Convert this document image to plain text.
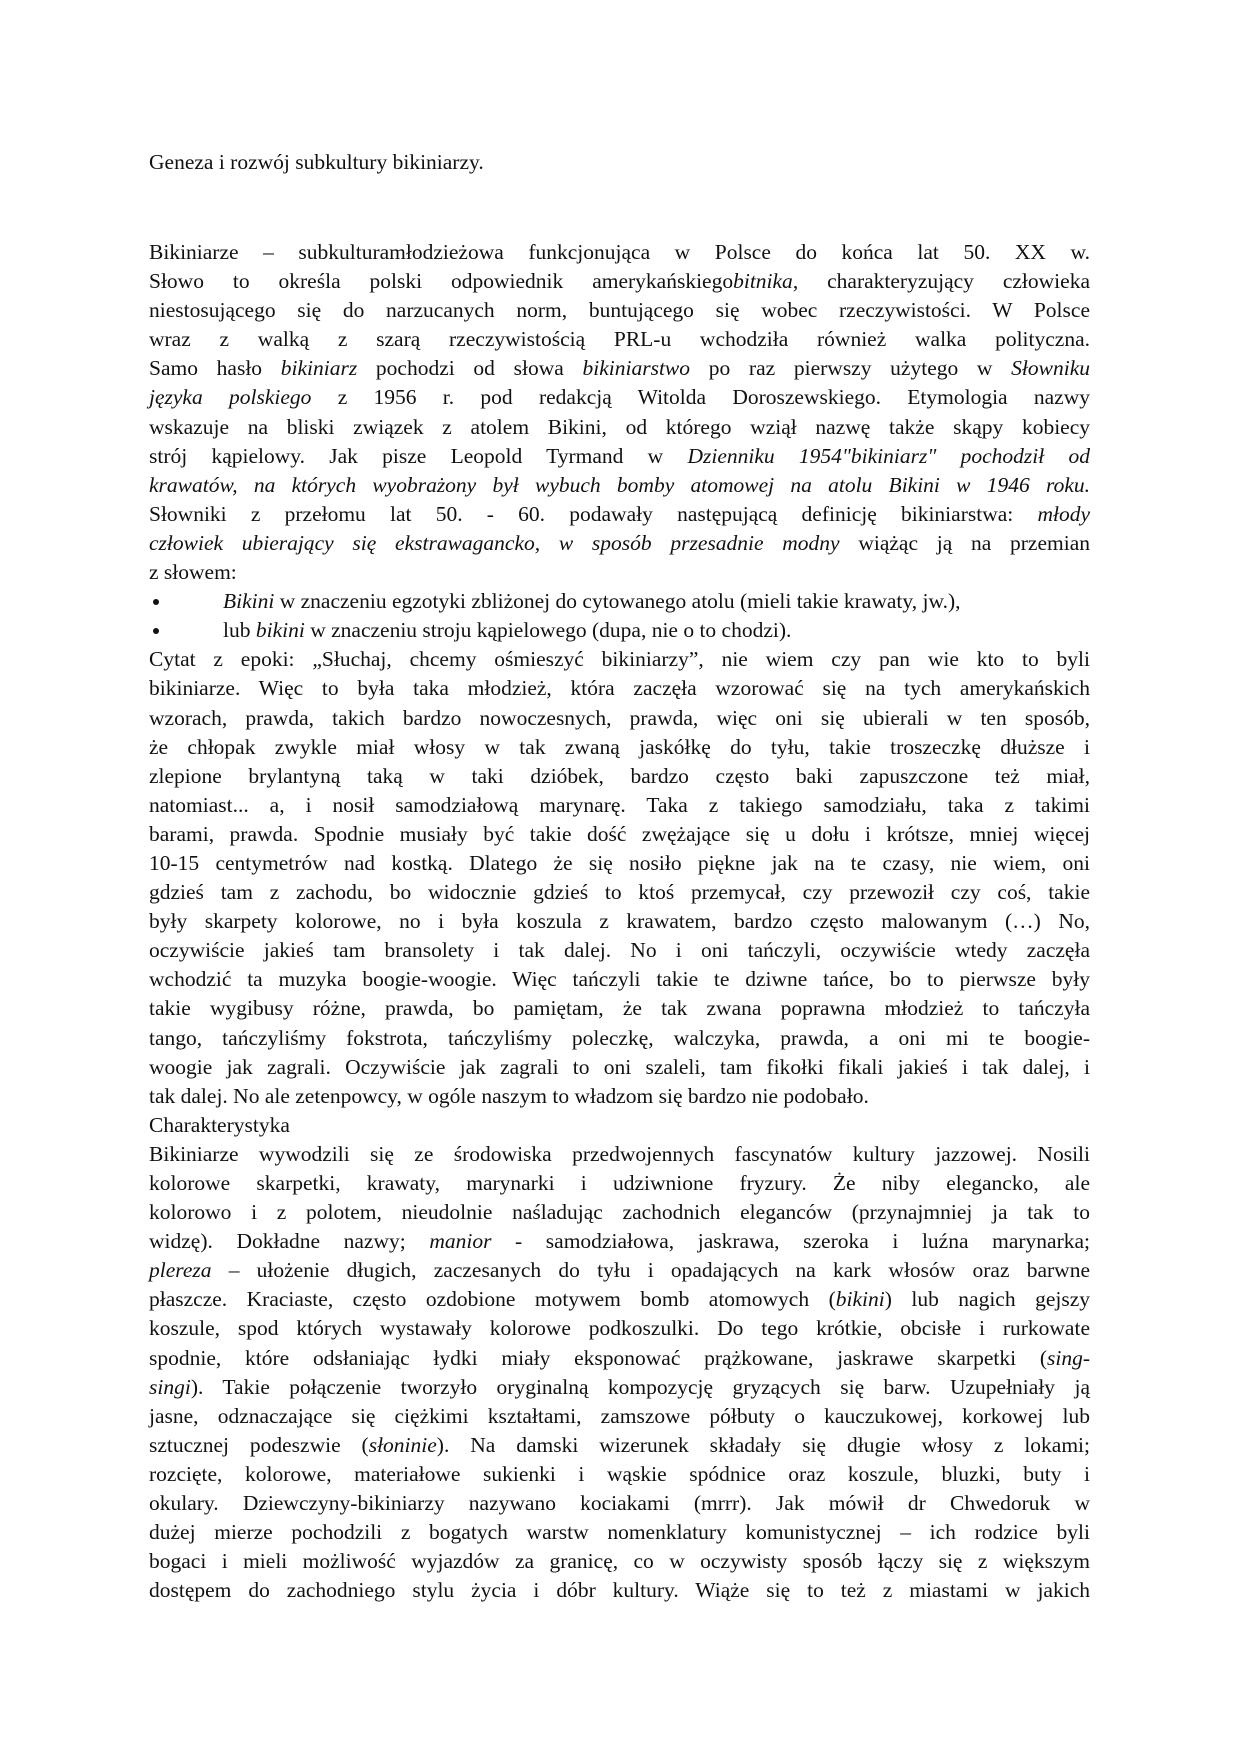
Geneza i rozwój subkultury bikiniarzy.
Bikiniarze – subkulturamłodzieżowa funkcjonująca w Polsce do końca lat 50. XX w.
Słowo to określa polski odpowiednik amerykańskiegobitnika, charakteryzujący człowieka
niestosującego się do narzucanych norm, buntującego się wobec rzeczywistości. W Polsce
wraz z walką z szarą rzeczywistością PRL-u wchodziła również walka polityczna.
Samo hasło bikiniarz pochodzi od słowa bikiniarstwo po raz pierwszy użytego w Słowniku
języka polskiego z 1956 r. pod redakcją Witolda Doroszewskiego. Etymologia nazwy
wskazuje na bliski związek z atolem Bikini, od którego wziął nazwę także skąpy kobiecy
strój kąpielowy. Jak pisze Leopold Tyrmand w Dzienniku 1954"bikiniarz" pochodził od
krawatów, na których wyobrażony był wybuch bomby atomowej na atolu Bikini w 1946 roku.
Słowniki z przełomu lat 50. - 60. podawały następującą definicję bikiniarstwa: młody
człowiek ubierający się ekstrawagancko, w sposób przesadnie modny wiążąc ją na przemian
z słowem:
Bikini w znaczeniu egzotyki zbliżonej do cytowanego atolu (mieli takie krawaty, jw.),
lub bikini w znaczeniu stroju kąpielowego (dupa, nie o to chodzi).
Cytat z epoki: „Słuchaj, chcemy ośmieszyć bikiniarzy”, nie wiem czy pan wie kto to byli
bikiniarze. Więc to była taka młodzież, która zaczęła wzorować się na tych amerykańskich
wzorach, prawda, takich bardzo nowoczesnych, prawda, więc oni się ubierali w ten sposób,
że chłopak zwykle miał włosy w tak zwaną jaskółkę do tyłu, takie troszeczkę dłuższe i
zlepione brylantyną taką w taki dzióbek, bardzo często baki zapuszczone też miał,
natomiast... a, i nosił samodziałową marynarę. Taka z takiego samodziału, taka z takimi
barami, prawda. Spodnie musiały być takie dość zwężające się u dołu i krótsze, mniej więcej
10-15 centymetrów nad kostką. Dlatego że się nosiło piękne jak na te czasy, nie wiem, oni
gdzieś tam z zachodu, bo widocznie gdzieś to ktoś przemycał, czy przewoził czy coś, takie
były skarpety kolorowe, no i była koszula z krawatem, bardzo często malowanym (…) No,
oczywiście jakieś tam bransolety i tak dalej. No i oni tańczyli, oczywiście wtedy zaczęła
wchodzić ta muzyka boogie-woogie. Więc tańczyli takie te dziwne tańce, bo to pierwsze były
takie wygibusy różne, prawda, bo pamiętam, że tak zwana poprawna młodzież to tańczyła
tango, tańczyliśmy fokstrota, tańczyliśmy poleczkę, walczyka, prawda, a oni mi te boogie-
woogie jak zagrali. Oczywiście jak zagrali to oni szaleli, tam fikołki fikali jakieś i tak dalej, i
tak dalej. No ale zetenpowcy, w ogóle naszym to władzom się bardzo nie podobało.
Charakterystyka
Bikiniarze wywodzili się ze środowiska przedwojennych fascynatów kultury jazzowej. Nosili
kolorowe skarpetki, krawaty, marynarki i udziwnione fryzury. Że niby elegancko, ale
kolorowo i z polotem, nieudolnie naśladując zachodnich eleganców (przynajmniej ja tak to
widzę). Dokładne nazwy; manior - samodziałowa, jaskrawa, szeroka i luźna marynarka;
plereza – ułożenie długich, zaczesanych do tyłu i opadających na kark włosów oraz barwne
płaszcze. Kraciaste, często ozdobione motywem bomb atomowych (bikini) lub nagich gejszy
koszule, spod których wystawały kolorowe podkoszulki. Do tego krótkie, obcisłe i rurkowate
spodnie, które odsłaniając łydki miały eksponować prążkowane, jaskrawe skarpetki (sing-
singi). Takie połączenie tworzyło oryginalną kompozycję gryzących się barw. Uzupełniały ją
jasne, odznaczające się ciężkimi kształtami, zamszowe półbuty o kauczukowej, korkowej lub
sztucznej podeszwie (słoninie). Na damski wizerunek składały się długie włosy z lokami;
rozcięte, kolorowe, materiałowe sukienki i wąskie spódnice oraz koszule, bluzki, buty i
okulary. Dziewczyny-bikiniarzy nazywano kociakami (mrrr). Jak mówił dr Chwedoruk w
dużej mierze pochodzili z bogatych warstw nomenklatury komunistycznej – ich rodzice byli
bogaci i mieli możliwość wyjazdów za granicę, co w oczywisty sposób łączy się z większym
dostępem do zachodniego stylu życia i dóbr kultury. Wiąże się to też z miastami w jakich
